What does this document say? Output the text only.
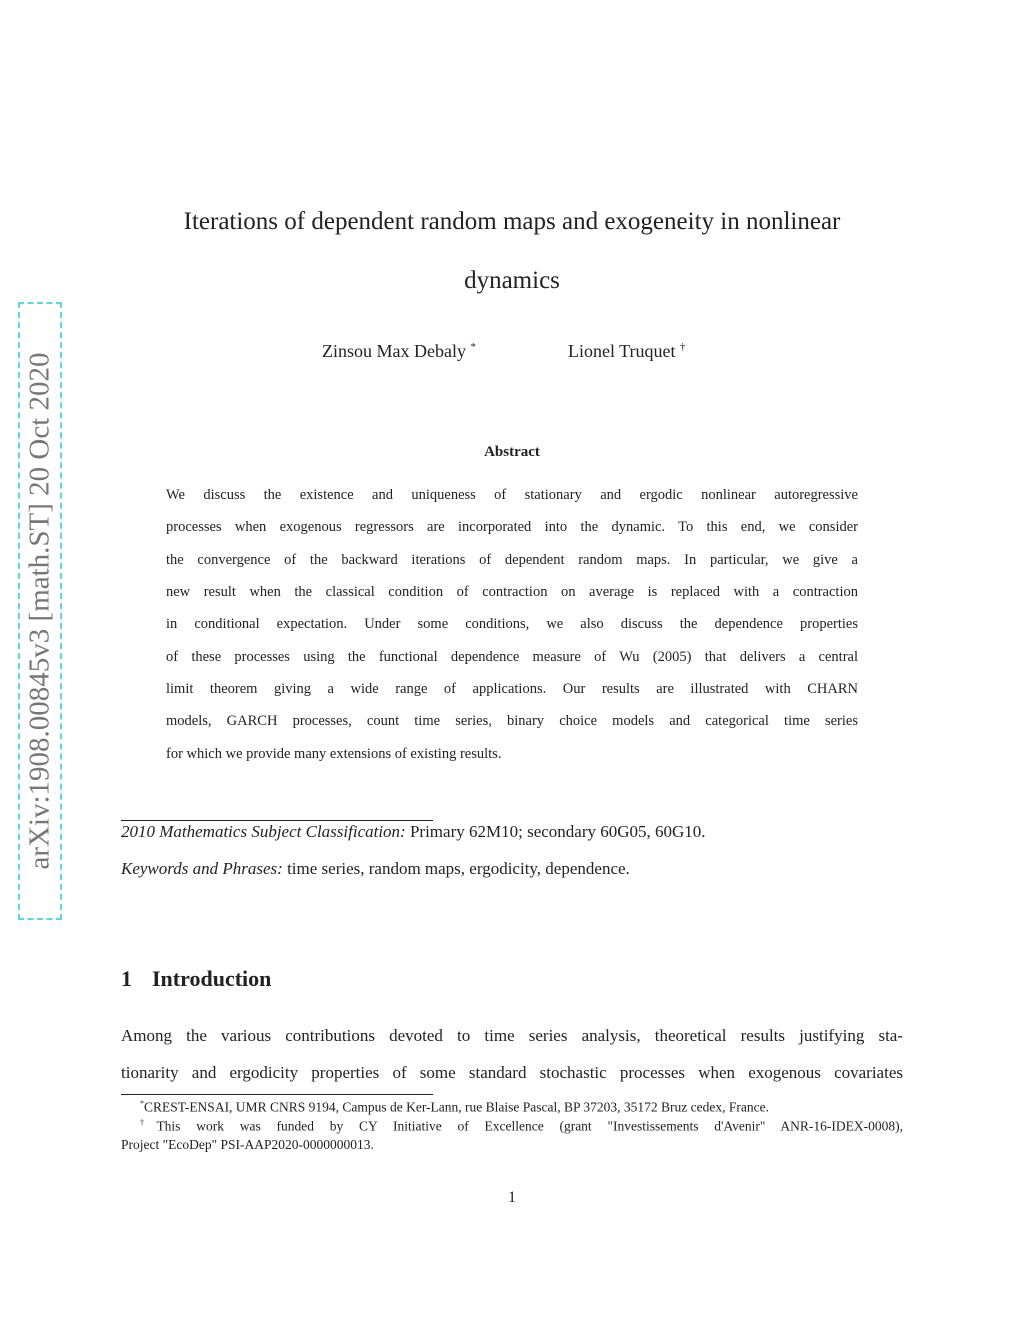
arXiv:1908.00845v3 [math.ST] 20 Oct 2020
Iterations of dependent random maps and exogeneity in nonlinear
dynamics
Zinsou Max Debaly *	Lionel Truquet †
Abstract
We discuss the existence and uniqueness of stationary and ergodic nonlinear autoregressive
processes when exogenous regressors are incorporated into the dynamic. To this end, we consider
the convergence of the backward iterations of dependent random maps. In particular, we give a
new result when the classical condition of contraction on average is replaced with a contraction
in conditional expectation. Under some conditions, we also discuss the dependence properties
of these processes using the functional dependence measure of Wu (2005) that delivers a central
limit theorem giving a wide range of applications. Our results are illustrated with CHARN
models, GARCH processes, count time series, binary choice models and categorical time series
for which we provide many extensions of existing results.
2010 Mathematics Subject Classification: Primary 62M10; secondary 60G05, 60G10.
Keywords and Phrases: time series, random maps, ergodicity, dependence.
1 Introduction
Among the various contributions devoted to time series analysis, theoretical results justifying sta-
tionarity and ergodicity properties of some standard stochastic processes when exogenous covariates
*CREST-ENSAI, UMR CNRS 9194, Campus de Ker-Lann, rue Blaise Pascal, BP 37203, 35172 Bruz cedex, France.
†This work was funded by CY Initiative of Excellence (grant "Investissements d'Avenir" ANR-16-IDEX-0008),
Project "EcoDep" PSI-AAP2020-0000000013.
1
